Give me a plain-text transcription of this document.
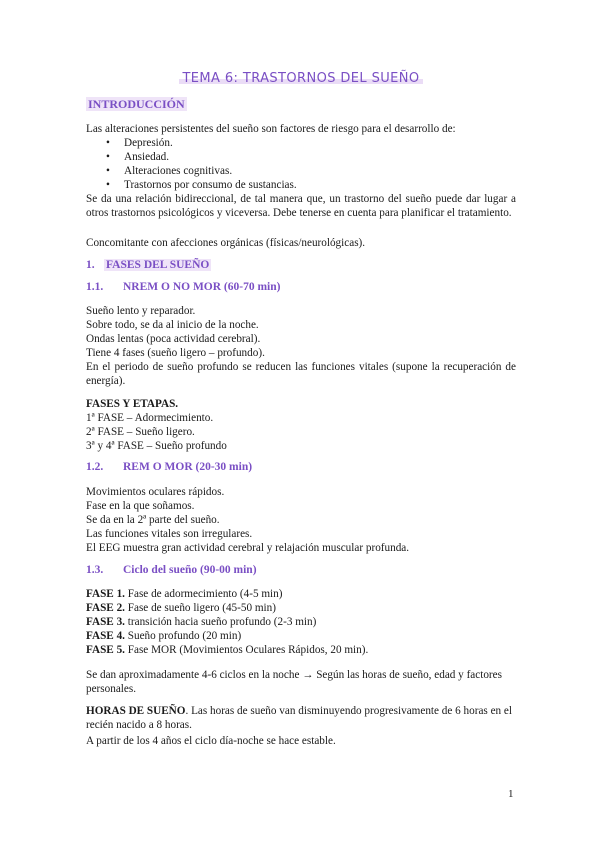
TEMA 6: TRASTORNOS DEL SUEÑO
INTRODUCCIÓN
Las alteraciones persistentes del sueño son factores de riesgo para el desarrollo de:
• Depresión.
• Ansiedad.
• Alteraciones cognitivas.
• Trastornos por consumo de sustancias.
Se da una relación bidireccional, de tal manera que, un trastorno del sueño puede dar lugar a otros trastornos psicológicos y viceversa. Debe tenerse en cuenta para planificar el tratamiento.
Concomitante con afecciones orgánicas (físicas/neurológicas).
1. FASES DEL SUEÑO
1.1. NREM O NO MOR (60-70 min)
Sueño lento y reparador.
Sobre todo, se da al inicio de la noche.
Ondas lentas (poca actividad cerebral).
Tiene 4 fases (sueño ligero – profundo).
En el periodo de sueño profundo se reducen las funciones vitales (supone la recuperación de energía).
FASES Y ETAPAS.
1ª FASE – Adormecimiento.
2ª FASE – Sueño ligero.
3ª y 4ª FASE – Sueño profundo
1.2. REM O MOR (20-30 min)
Movimientos oculares rápidos.
Fase en la que soñamos.
Se da en la 2ª parte del sueño.
Las funciones vitales son irregulares.
El EEG muestra gran actividad cerebral y relajación muscular profunda.
1.3. Ciclo del sueño (90-00 min)
FASE 1. Fase de adormecimiento (4-5 min)
FASE 2. Fase de sueño ligero (45-50 min)
FASE 3. transición hacia sueño profundo (2-3 min)
FASE 4. Sueño profundo (20 min)
FASE 5. Fase MOR (Movimientos Oculares Rápidos, 20 min).
Se dan aproximadamente 4-6 ciclos en la noche → Según las horas de sueño, edad y factores personales.
HORAS DE SUEÑO. Las horas de sueño van disminuyendo progresivamente de 6 horas en el recién nacido a 8 horas.
A partir de los 4 años el ciclo día-noche se hace estable.
1
